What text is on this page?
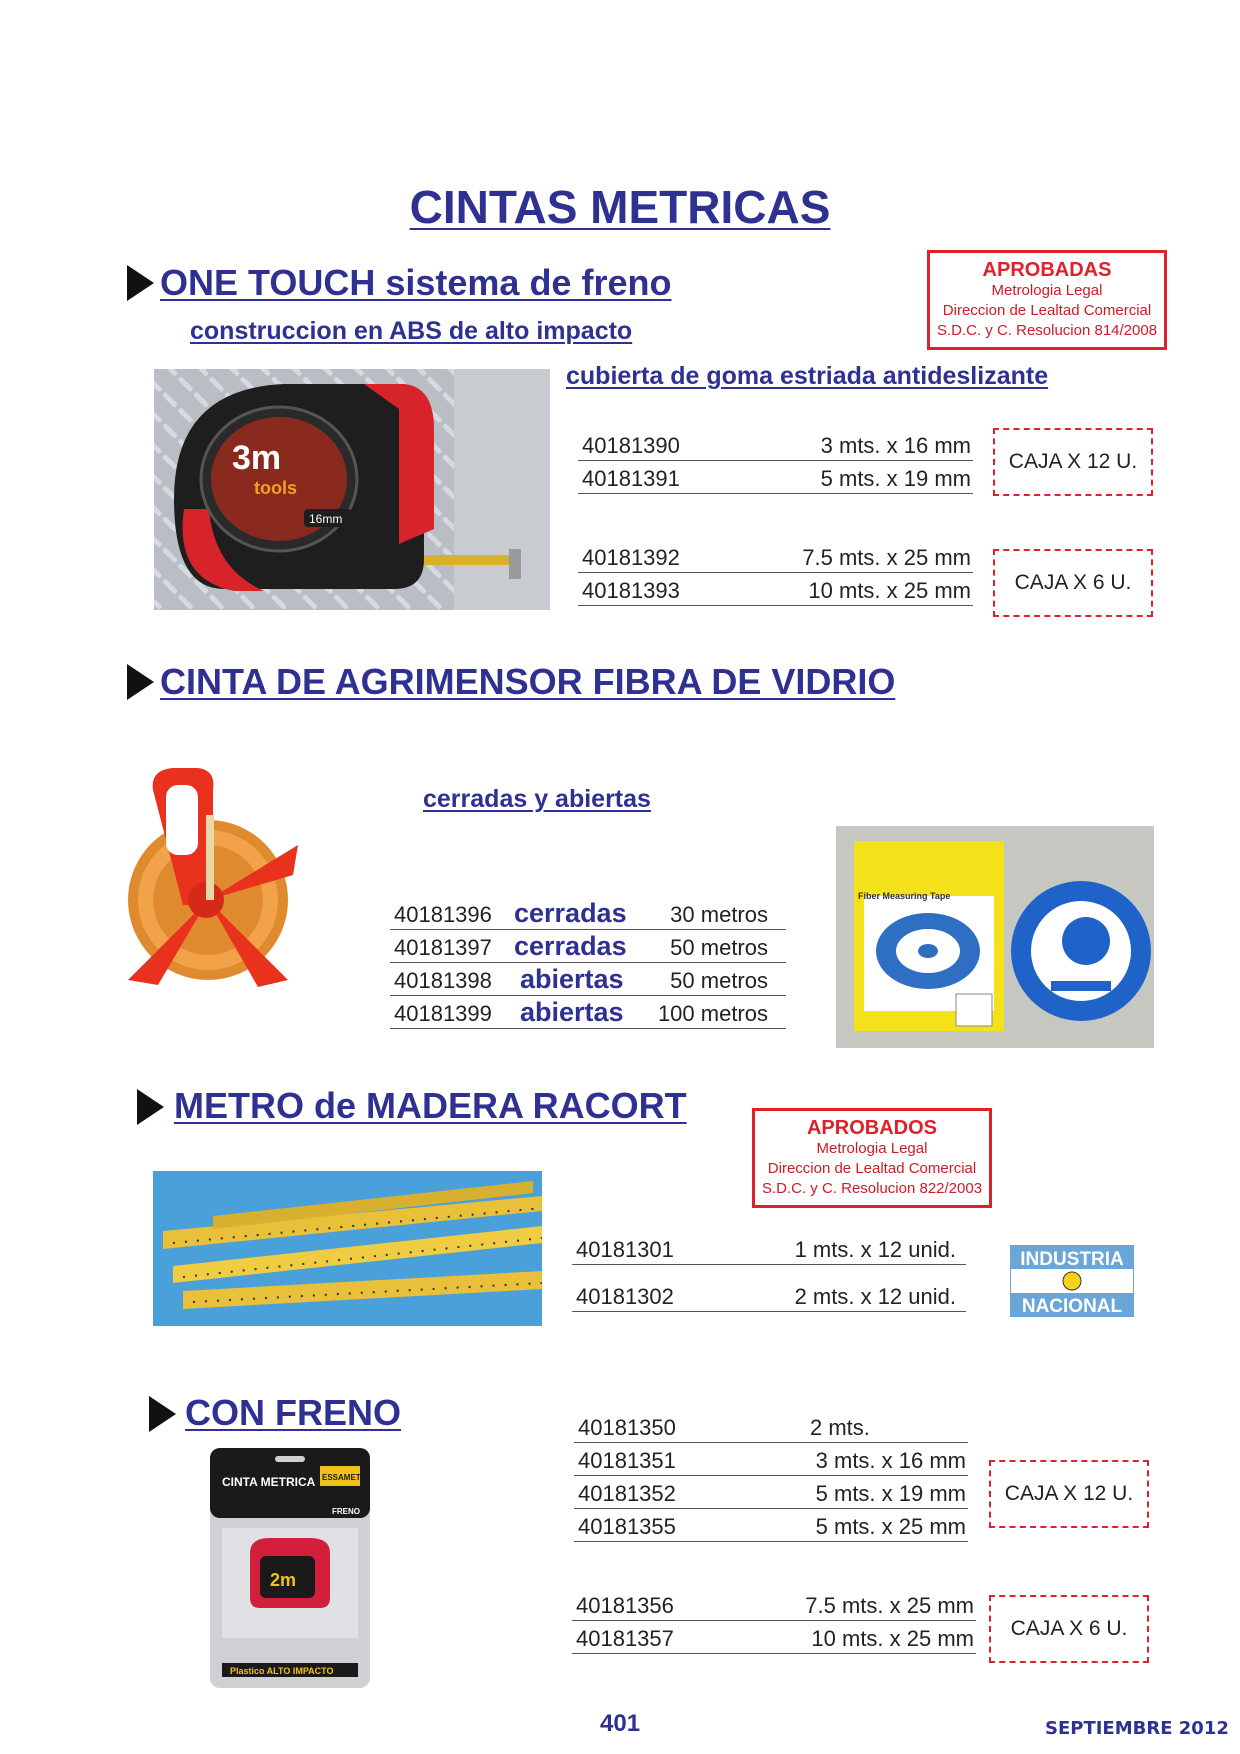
CINTAS METRICAS
ONE TOUCH sistema de freno
construccion en ABS de alto impacto
cubierta de goma estriada antideslizante
APROBADAS
Metrologia Legal
Direccion de Lealtad Comercial
S.D.C. y C. Resolucion 814/2008
3m
tools
16mm
40181390	3 mts. x 16 mm
40181391	5 mts. x 19 mm
CAJA X 12 U.
40181392	7.5 mts. x 25 mm
40181393	10 mts. x 25 mm	CAJA X 6 U.
CINTA DE AGRIMENSOR FIBRA DE VIDRIO
cerradas y abiertas
40181396 cerradas 30 metros
40181397 cerradas 50 metros
40181398 abiertas 50 metros
40181399 abiertas 100 metros
Fiber Measuring Tape
METRO de MADERA RACORT
APROBADOS
Metrologia Legal
Direccion de Lealtad Comercial
S.D.C. y C. Resolucion 822/2003
40181301	1 mts. x 12 unid.
40181302	2 mts. x 12 unid.
INDUSTRIA
NACIONAL
CON FRENO
CINTA METRICA ESSAMET
FRENO
2m
Plastico ALTO IMPACTO
40181350	2 mts.
40181351	3 mts. x 16 mm
40181352	5 mts. x 19 mm
40181355	5 mts. x 25 mm
CAJA X 12 U.
40181356	7.5 mts. x 25 mm
40181357	10 mts. x 25 mm	CAJA X 6 U.
401	SEPTIEMBRE 2012
